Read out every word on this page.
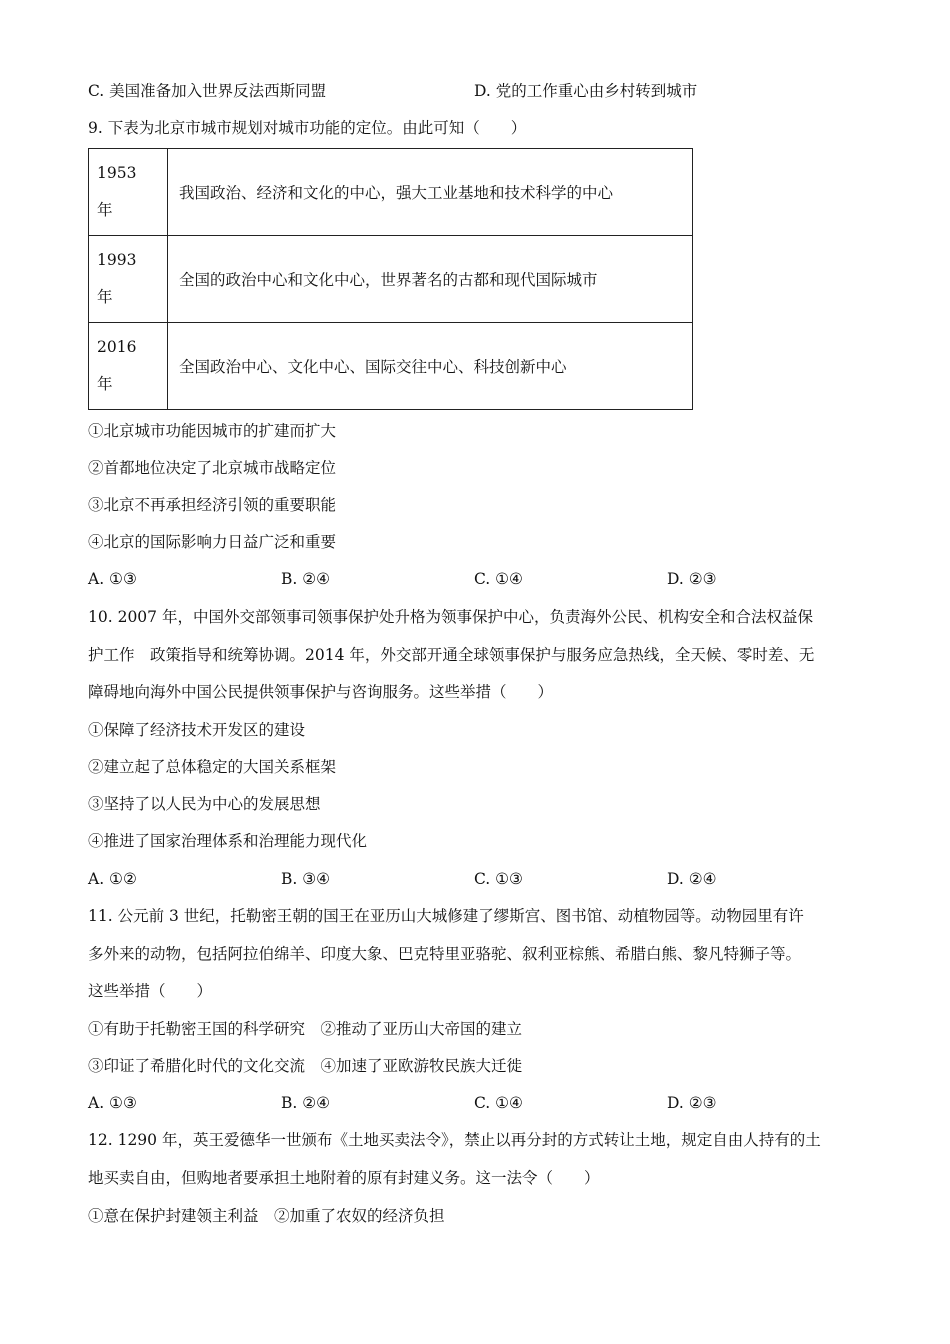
C. 美国准备加入世界反法西斯同盟	D. 党的工作重心由乡村转到城市
9. 下表为北京市城市规划对城市功能的定位。由此可知（　　）
1953
年	我国政治、经济和文化的中心，强大工业基地和技术科学的中心
1993
年	全国的政治中心和文化中心，世界著名的古都和现代国际城市
2016
年	全国政治中心、文化中心、国际交往中心、科技创新中心
①北京城市功能因城市的扩建而扩大
②首都地位决定了北京城市战略定位
③北京不再承担经济引领的重要职能
④北京的国际影响力日益广泛和重要
A. ①③	B. ②④	C. ①④	D. ②③
10. 2007 年，中国外交部领事司领事保护处升格为领事保护中心，负责海外公民、机构安全和合法权益保
护工作　政策指导和统筹协调。2014 年，外交部开通全球领事保护与服务应急热线，全天候、零时差、无
障碍地向海外中国公民提供领事保护与咨询服务。这些举措（　　）
①保障了经济技术开发区的建设
②建立起了总体稳定的大国关系框架
③坚持了以人民为中心的发展思想
④推进了国家治理体系和治理能力现代化
A. ①②	B. ③④	C. ①③	D. ②④
11. 公元前 3 世纪，托勒密王朝的国王在亚历山大城修建了缪斯宫、图书馆、动植物园等。动物园里有许
多外来的动物，包括阿拉伯绵羊、印度大象、巴克特里亚骆驼、叙利亚棕熊、希腊白熊、黎凡特狮子等。
这些举措（　　）
①有助于托勒密王国的科学研究　②推动了亚历山大帝国的建立
③印证了希腊化时代的文化交流　④加速了亚欧游牧民族大迁徙
A. ①③	B. ②④	C. ①④	D. ②③
12. 1290 年，英王爱德华一世颁布《土地买卖法令》，禁止以再分封的方式转让土地，规定自由人持有的土
地买卖自由，但购地者要承担土地附着的原有封建义务。这一法令（　　）
①意在保护封建领主利益　②加重了农奴的经济负担
